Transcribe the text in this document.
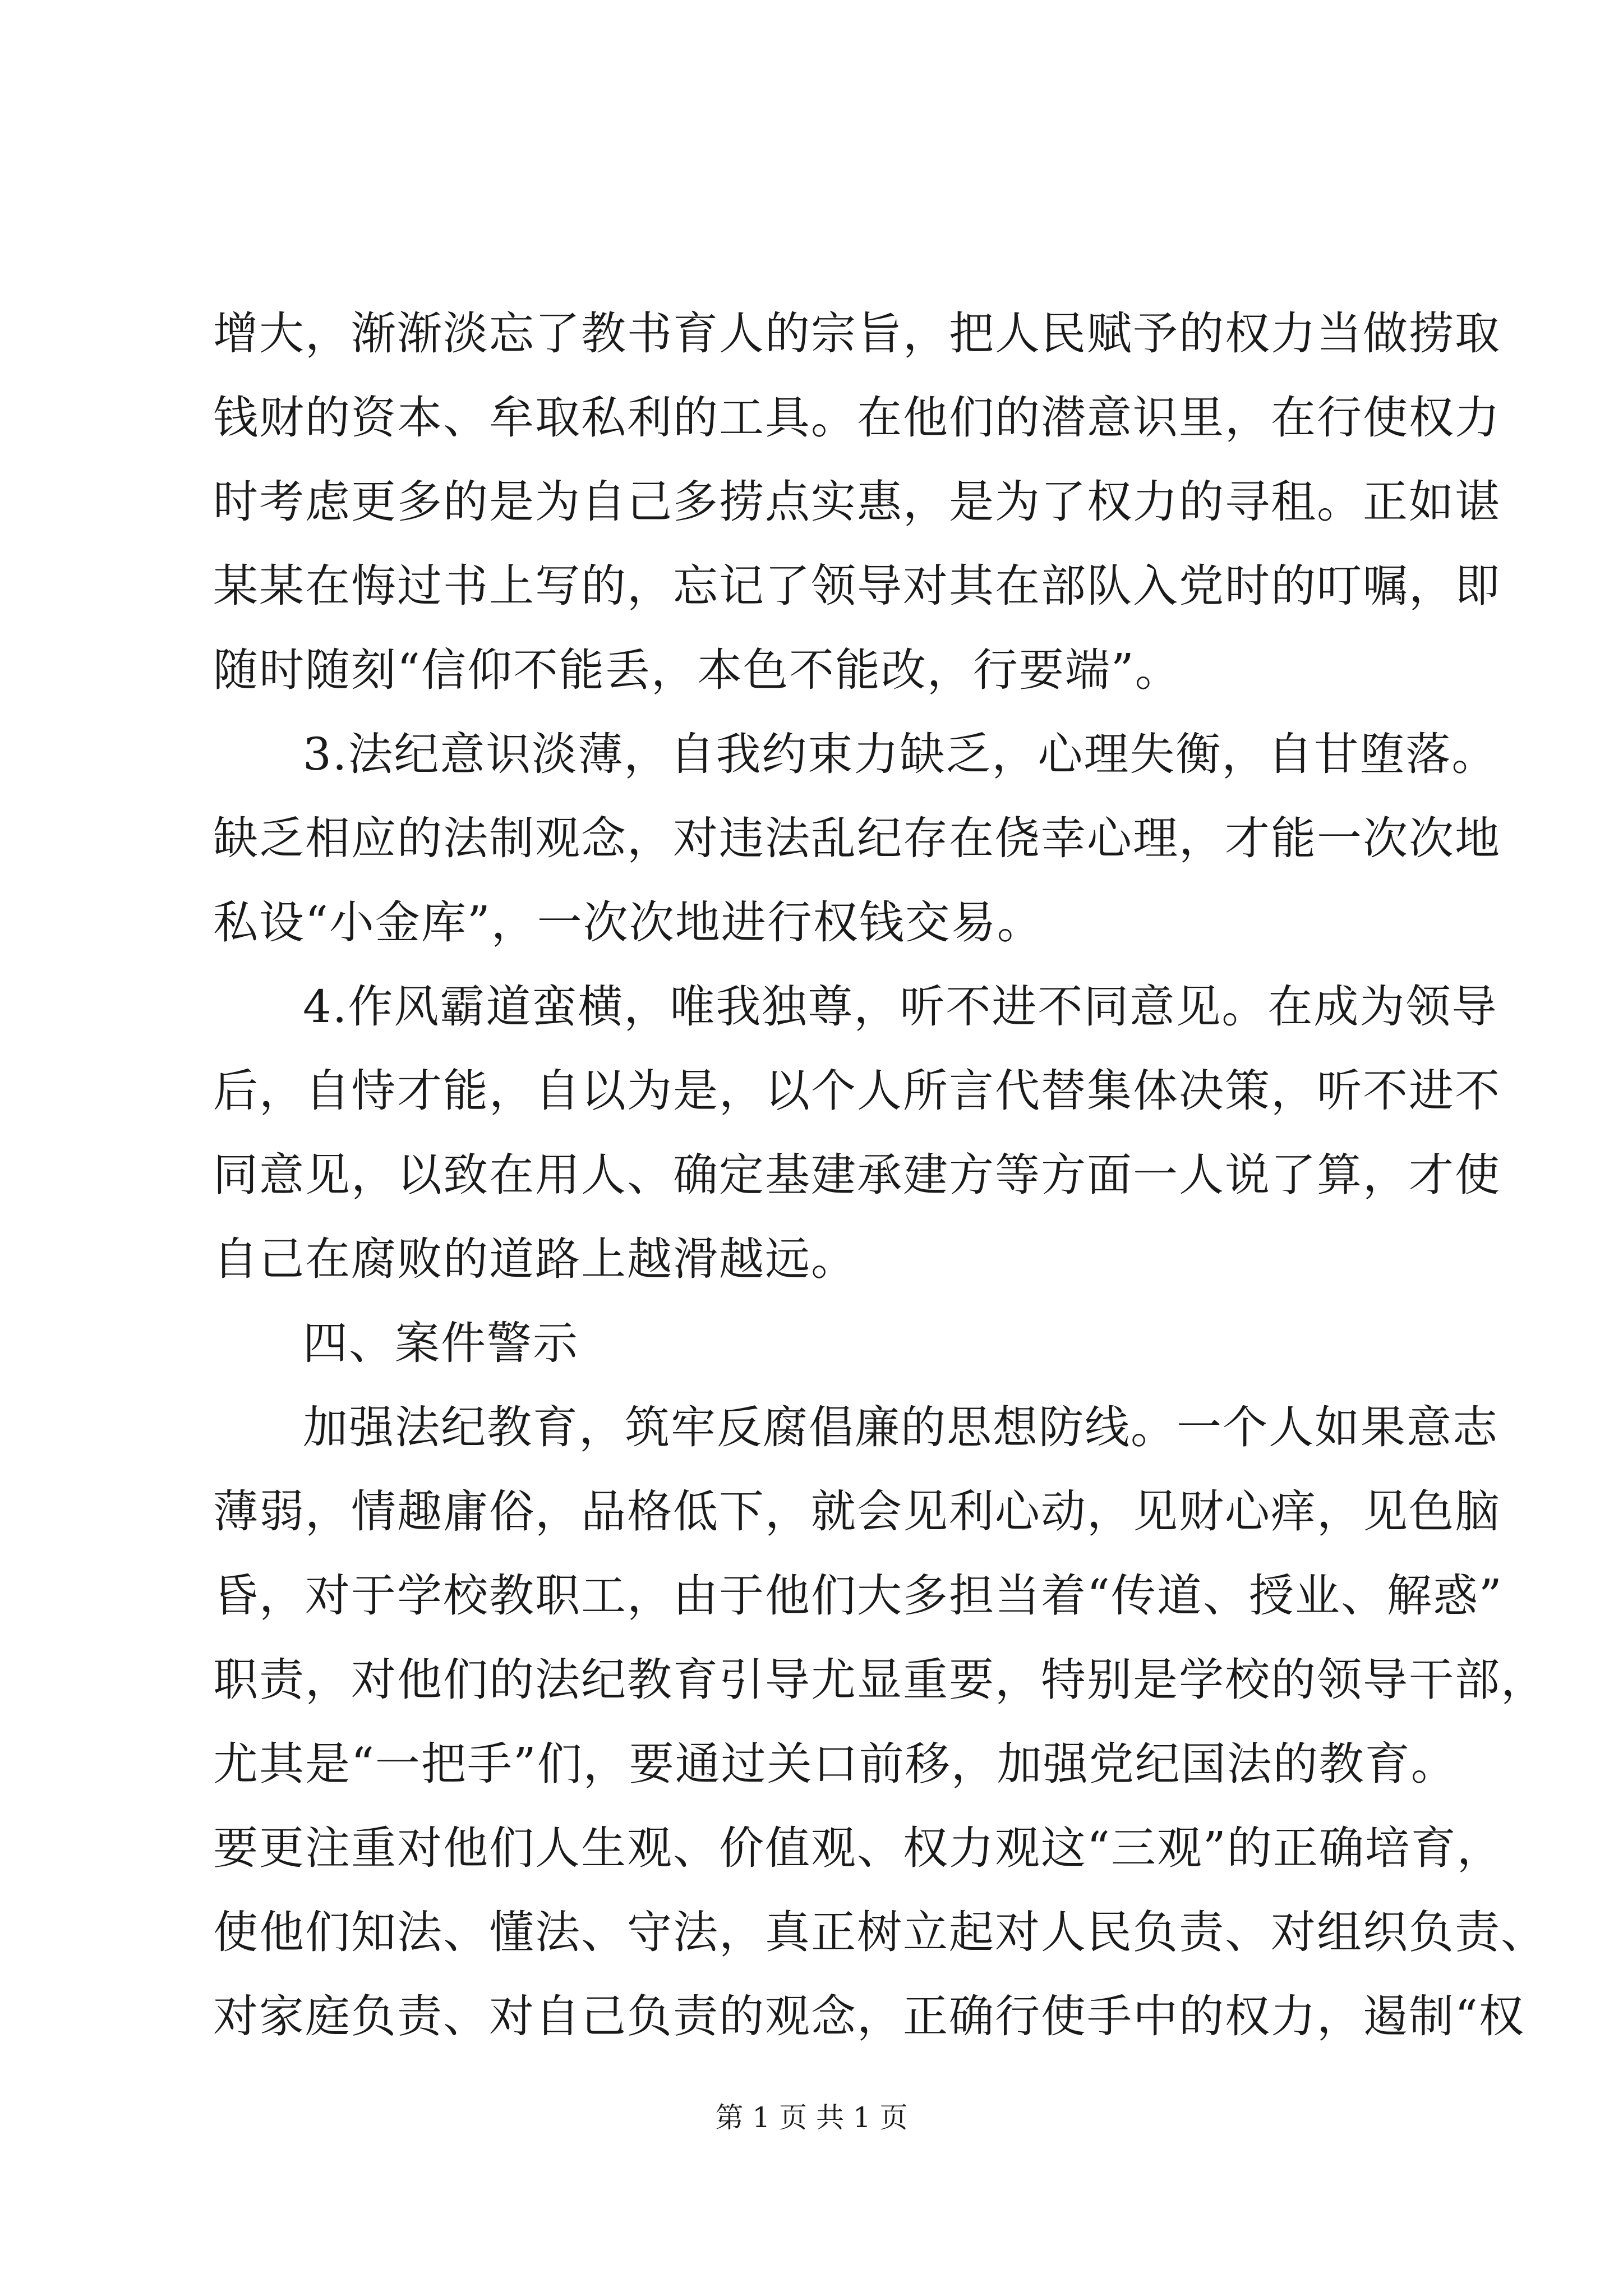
增大，渐渐淡忘了教书育人的宗旨，把人民赋予的权力当做捞取
钱财的资本、牟取私利的工具。在他们的潜意识里，在行使权力
时考虑更多的是为自己多捞点实惠，是为了权力的寻租。正如谌
某某在悔过书上写的，忘记了领导对其在部队入党时的叮嘱，即
随时随刻“信仰不能丢，本色不能改，行要端”。
3.法纪意识淡薄，自我约束力缺乏，心理失衡，自甘堕落。
缺乏相应的法制观念，对违法乱纪存在侥幸心理，才能一次次地
私设“小金库”，一次次地进行权钱交易。
4.作风霸道蛮横，唯我独尊，听不进不同意见。在成为领导
后，自恃才能，自以为是，以个人所言代替集体决策，听不进不
同意见，以致在用人、确定基建承建方等方面一人说了算，才使
自己在腐败的道路上越滑越远。
四、案件警示
加强法纪教育，筑牢反腐倡廉的思想防线。一个人如果意志
薄弱，情趣庸俗，品格低下，就会见利心动，见财心痒，见色脑
昏，对于学校教职工，由于他们大多担当着“传道、授业、解惑”
职责，对他们的法纪教育引导尤显重要，特别是学校的领导干部，
尤其是“一把手”们，要通过关口前移，加强党纪国法的教育。
要更注重对他们人生观、价值观、权力观这“三观”的正确培育，
使他们知法、懂法、守法，真正树立起对人民负责、对组织负责、
对家庭负责、对自己负责的观念，正确行使手中的权力，遏制“权
第 1 页 共 1 页
